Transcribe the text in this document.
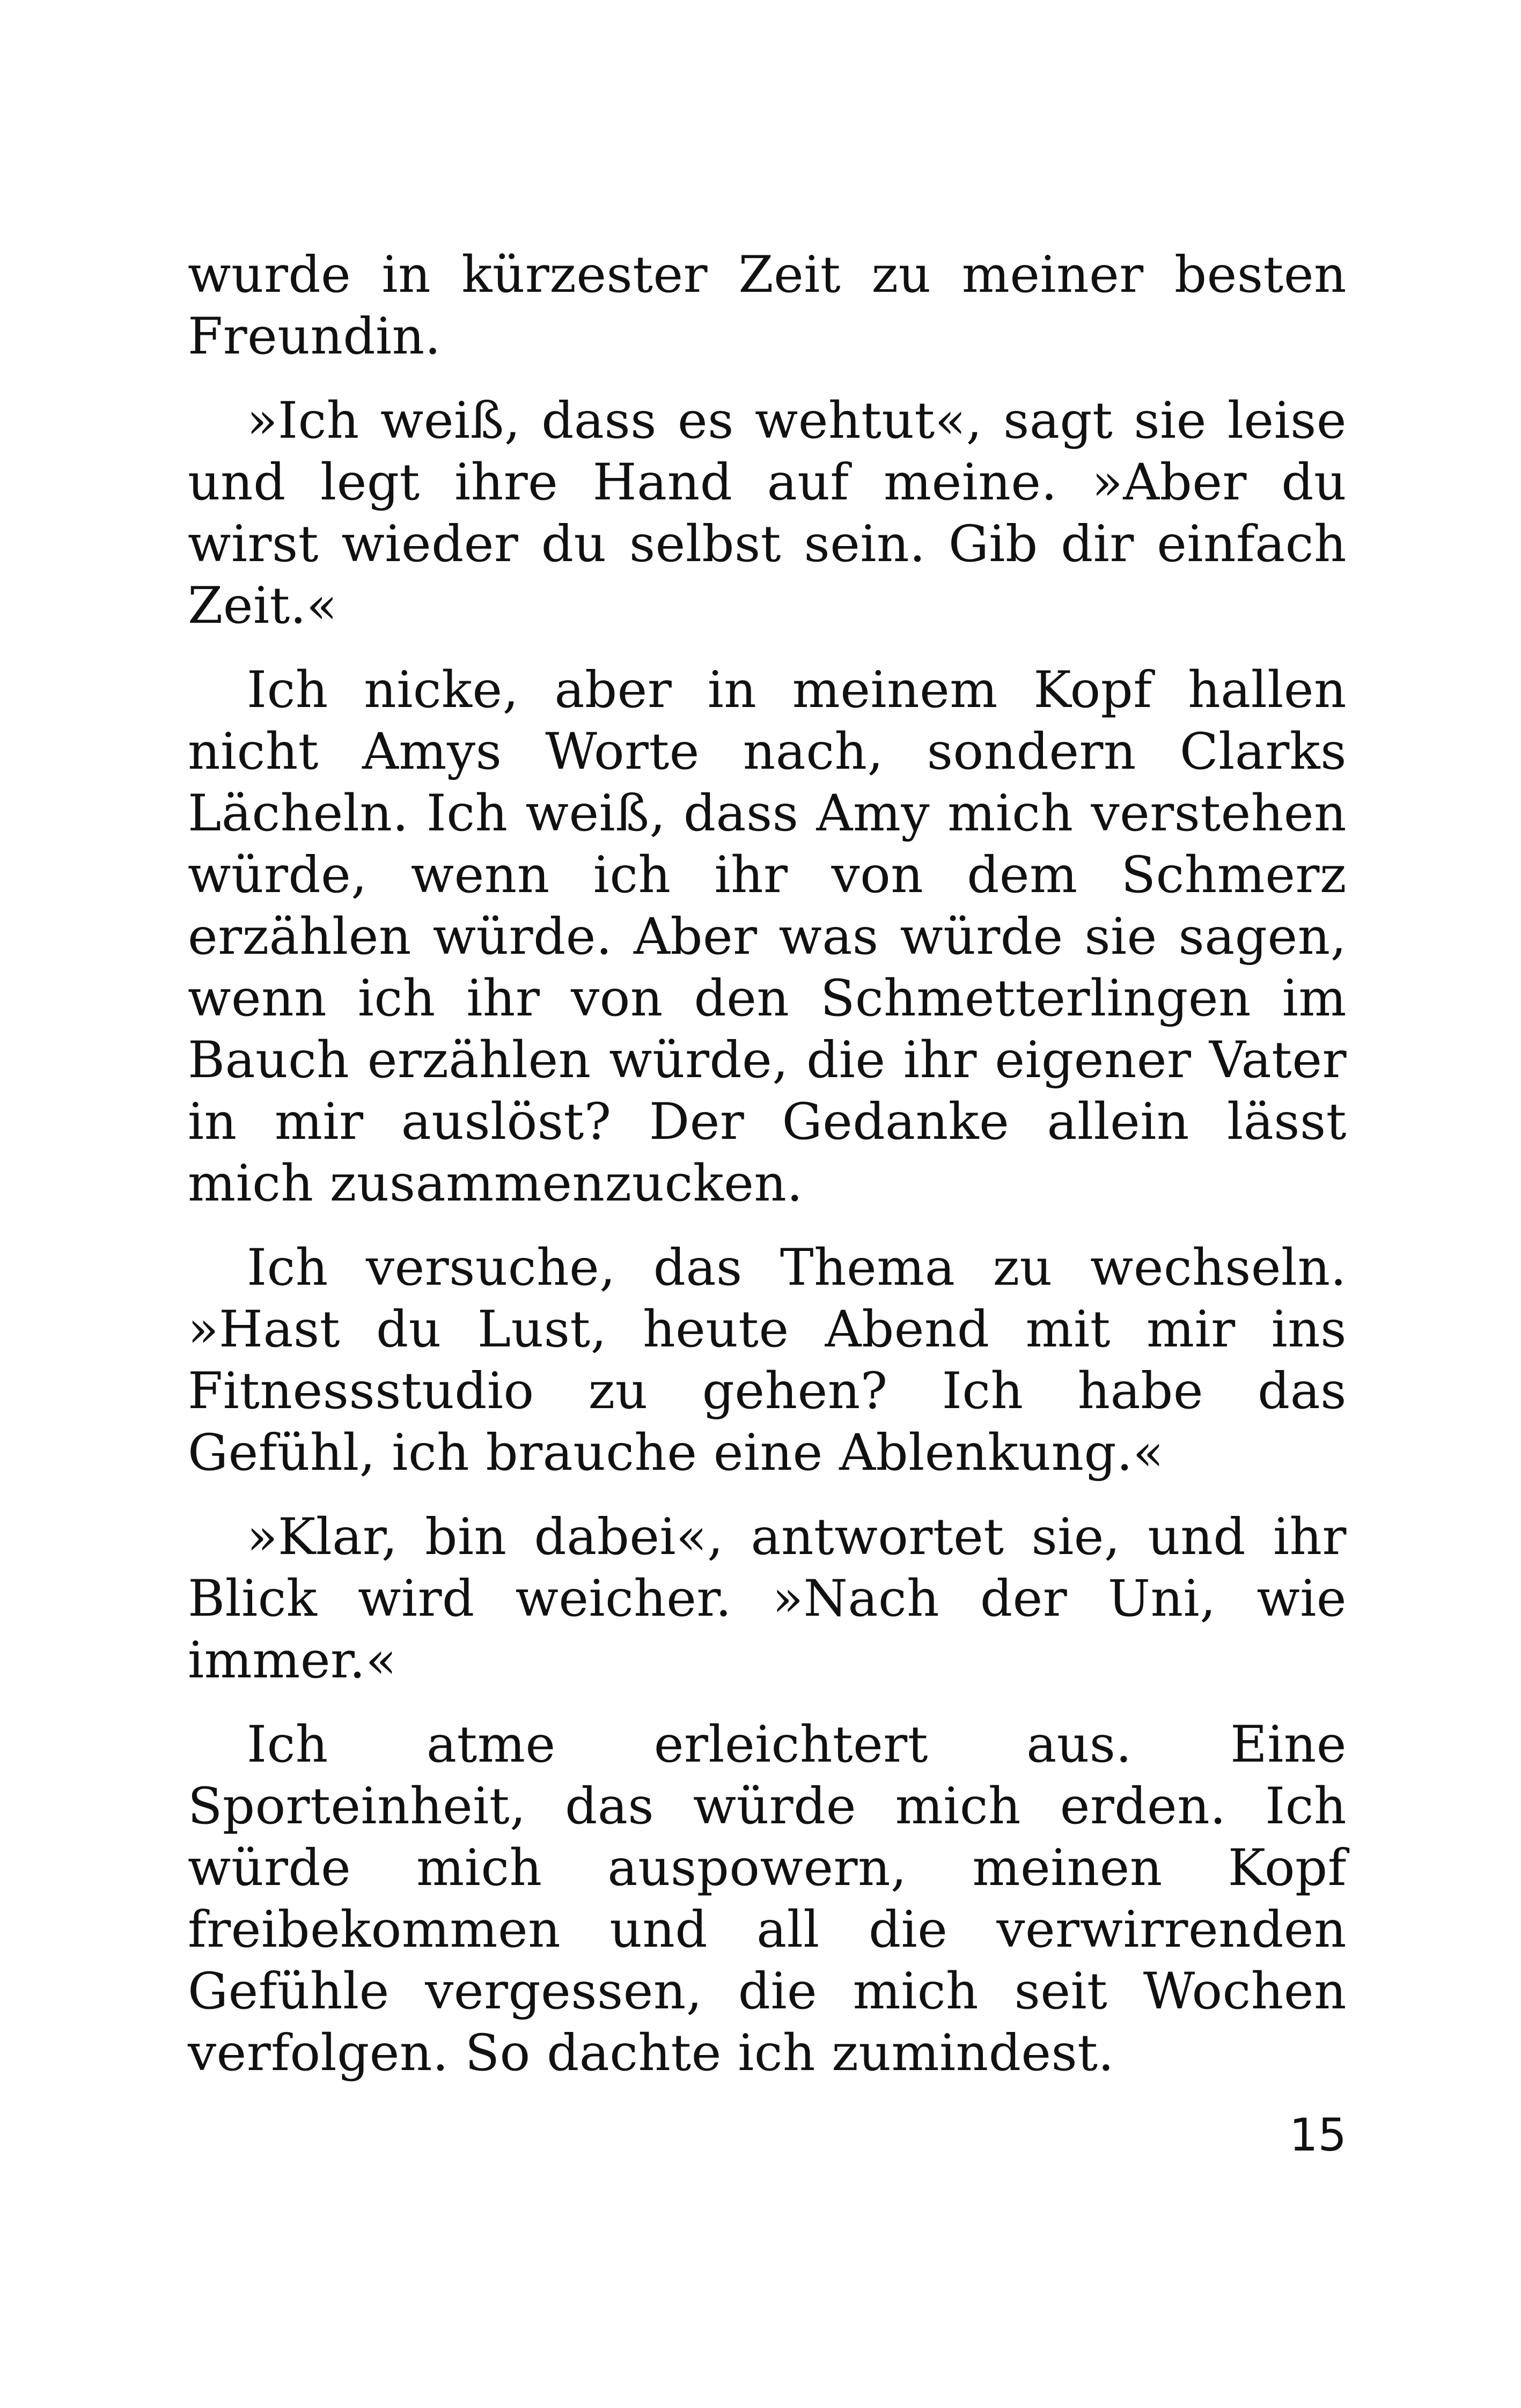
wurde in kürzester Zeit zu meiner besten Freundin.

»Ich weiß, dass es wehtut«, sagt sie leise und legt ihre Hand auf meine. »Aber du wirst wieder du selbst sein. Gib dir einfach Zeit.«

Ich nicke, aber in meinem Kopf hallen nicht Amys Worte nach, sondern Clarks Lächeln. Ich weiß, dass Amy mich verstehen würde, wenn ich ihr von dem Schmerz erzählen würde. Aber was würde sie sagen, wenn ich ihr von den Schmetterlingen im Bauch erzählen würde, die ihr eigener Vater in mir auslöst? Der Gedanke allein lässt mich zusammenzucken.

Ich versuche, das Thema zu wechseln. »Hast du Lust, heute Abend mit mir ins Fitnessstudio zu gehen? Ich habe das Gefühl, ich brauche eine Ablenkung.«

»Klar, bin dabei«, antwortet sie, und ihr Blick wird weicher. »Nach der Uni, wie immer.«

Ich atme erleichtert aus. Eine Sporteinheit, das würde mich erden. Ich würde mich auspowern, meinen Kopf freibekommen und all die verwirrenden Gefühle vergessen, die mich seit Wochen verfolgen. So dachte ich zumindest.

15
